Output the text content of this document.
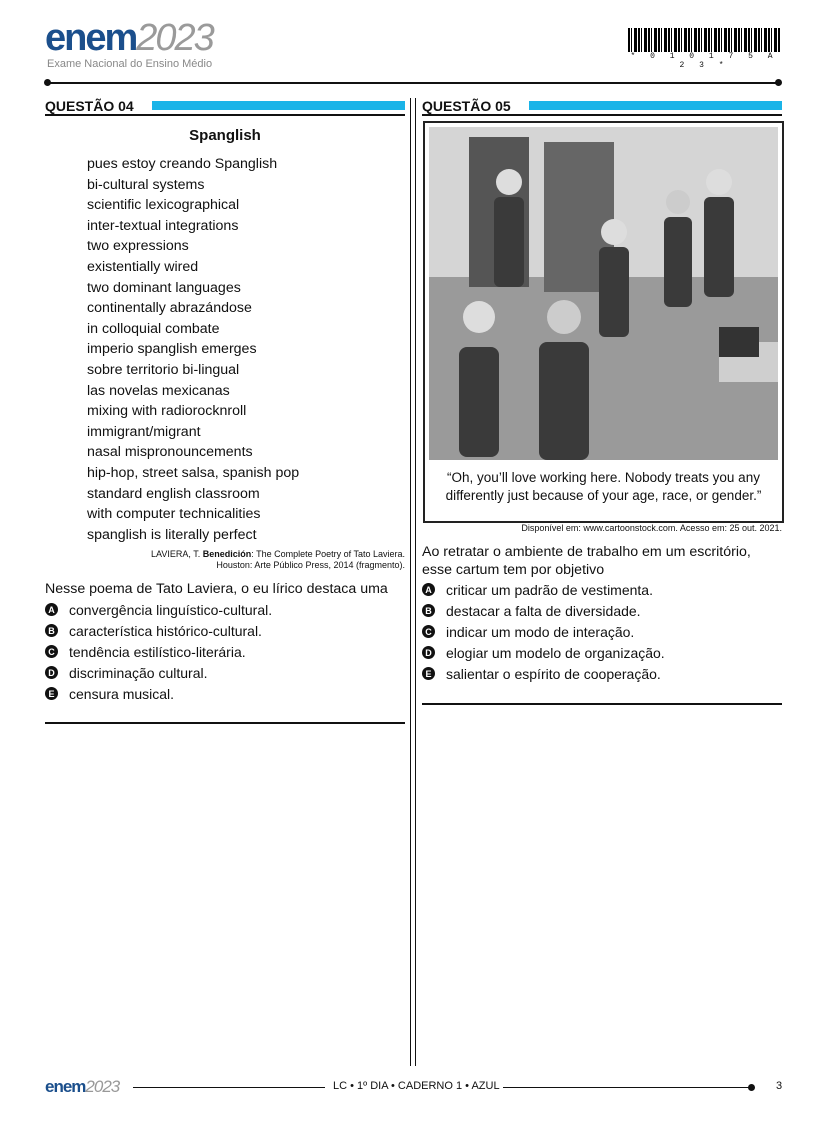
enem2023
Exame Nacional do Ensino Médio
* 0 1 0 1 7 5 A 2 3 *
QUESTÃO 04	QUESTÃO 05
Spanglish
pues estoy creando Spanglish
bi-cultural systems
scientific lexicographical
inter-textual integrations
two expressions
existentially wired
two dominant languages
continentally abrazándose
in colloquial combate
imperio spanglish emerges
sobre territorio bi-lingual
las novelas mexicanas
mixing with radiorocknroll
immigrant/migrant
nasal mispronouncements
hip-hop, street salsa, spanish pop
standard english classroom
with computer technicalities
spanglish is literally perfect
LAVIERA, T. Benedición: The Complete Poetry of Tato Laviera.
Houston: Arte Público Press, 2014 (fragmento).
Nesse poema de Tato Laviera, o eu lírico destaca uma
A convergência linguístico-cultural.
B característica histórico-cultural.
C tendência estilístico-literária.
D discriminação cultural.
E censura musical.
“Oh, you’ll love working here. Nobody treats you any
differently just because of your age, race, or gender.”
Disponível em: www.cartoonstock.com. Acesso em: 25 out. 2021.
Ao retratar o ambiente de trabalho em um escritório, esse cartum tem por objetivo
A criticar um padrão de vestimenta.
B destacar a falta de diversidade.
C indicar um modo de interação.
D elogiar um modelo de organização.
E salientar o espírito de cooperação.
enem2023	LC • 1º DIA • CADERNO 1 • AZUL	3
